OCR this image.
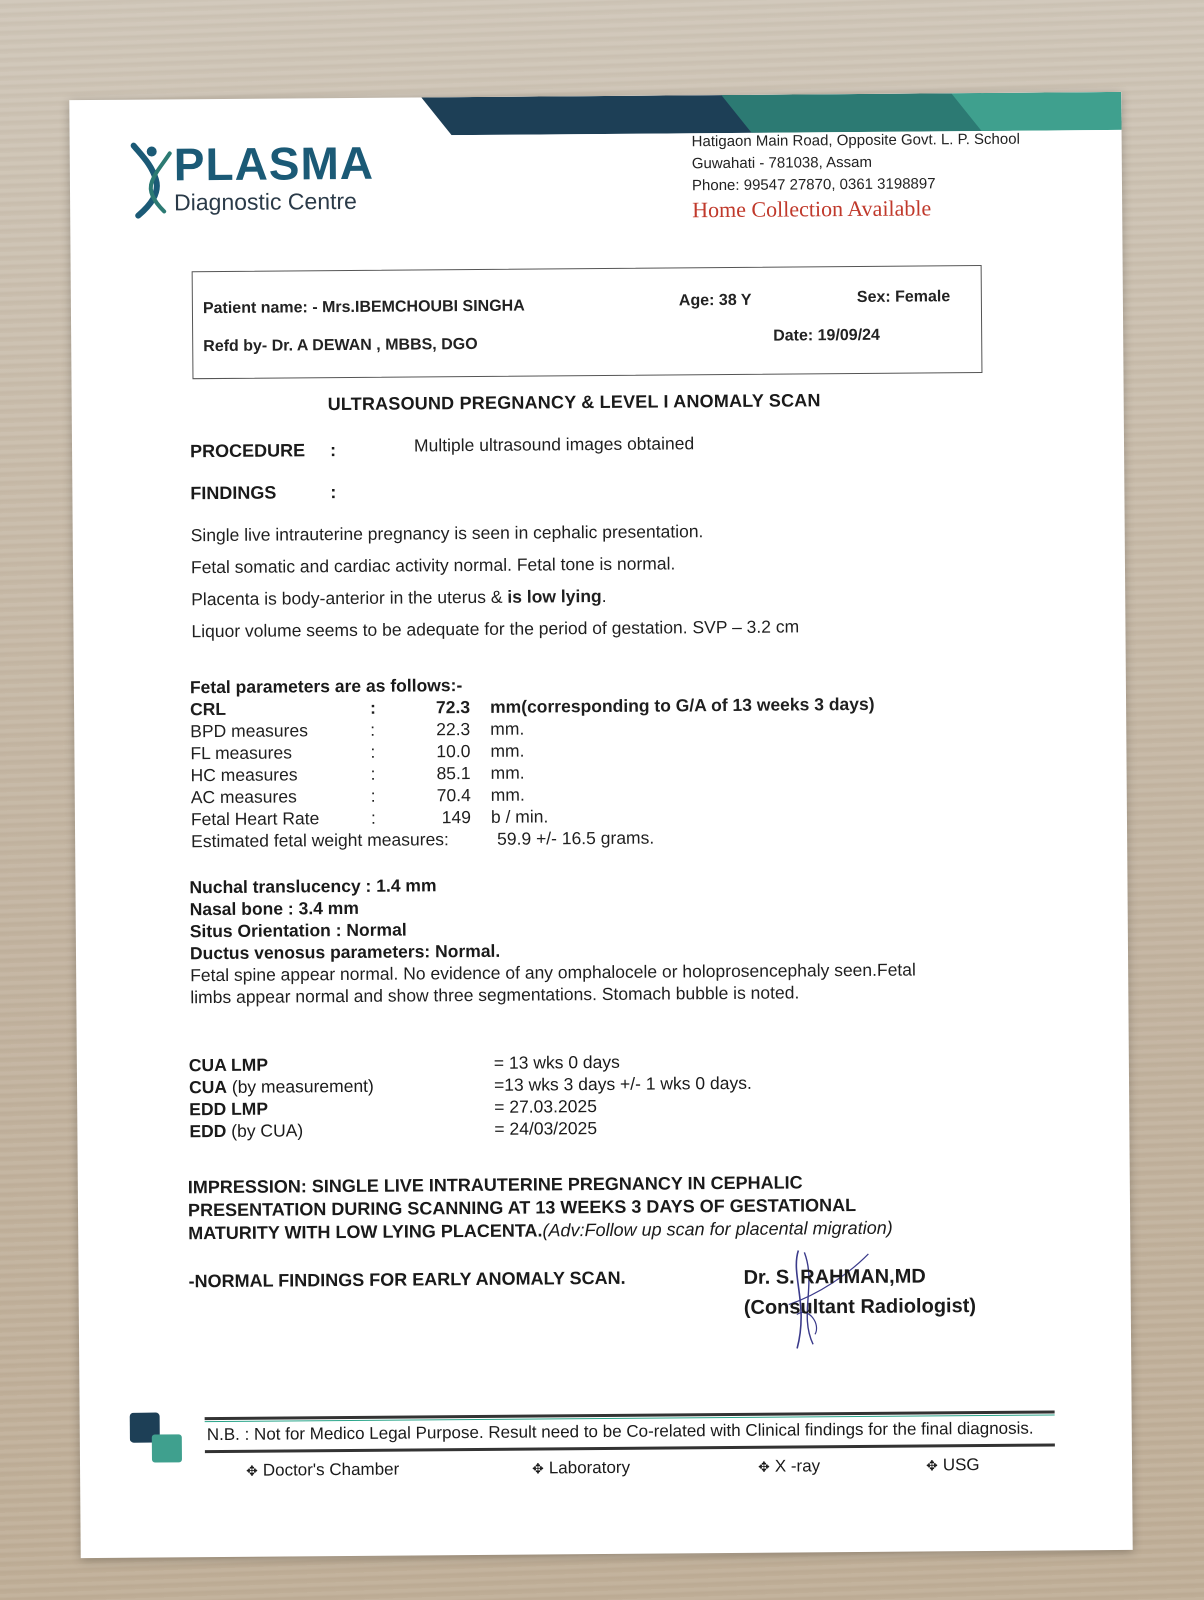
PLASMA
Diagnostic Centre
Hatigaon Main Road, Opposite Govt. L. P. School
Guwahati - 781038, Assam
Phone: 99547 27870, 0361 3198897
Home Collection Available
Patient name: - Mrs.IBEMCHOUBI SINGHA	Age: 38 Y	Sex: Female
Refd by- Dr. A DEWAN , MBBS, DGO
Date: 19/09/24
ULTRASOUND PREGNANCY & LEVEL I ANOMALY SCAN
PROCEDURE :	Multiple ultrasound images obtained
FINDINGS	:
Single live intrauterine pregnancy is seen in cephalic presentation.
Fetal somatic and cardiac activity normal. Fetal tone is normal.
Placenta is body-anterior in the uterus & is low lying.
Liquor volume seems to be adequate for the period of gestation. SVP – 3.2 cm
Fetal parameters are as follows:-
CRL	:	72.3 mm(corresponding to G/A of 13 weeks 3 days)
BPD measures	:	22.3 mm.
FL measures	:	10.0 mm.
HC measures	:	85.1 mm.
AC measures	:	70.4 mm.
Fetal Heart Rate	:	149 b / min.
Estimated fetal weight measures:	59.9 +/- 16.5 grams.
Nuchal translucency : 1.4 mm
Nasal bone : 3.4 mm
Situs Orientation : Normal
Ductus venosus parameters: Normal.
Fetal spine appear normal. No evidence of any omphalocele or holoprosencephaly seen.Fetal
limbs appear normal and show three segmentations. Stomach bubble is noted.
CUA LMP	= 13 wks 0 days
CUA (by measurement)	=13 wks 3 days +/- 1 wks 0 days.
EDD LMP	= 27.03.2025
EDD (by CUA)	= 24/03/2025
IMPRESSION: SINGLE LIVE INTRAUTERINE PREGNANCY IN CEPHALIC
PRESENTATION DURING SCANNING AT 13 WEEKS 3 DAYS OF GESTATIONAL
MATURITY WITH LOW LYING PLACENTA.(Adv:Follow up scan for placental migration)
-NORMAL FINDINGS FOR EARLY ANOMALY SCAN.	Dr. S. RAHMAN,MD
(Consultant Radiologist)
N.B. : Not for Medico Legal Purpose. Result need to be Co-related with Clinical findings for the final diagnosis.
✥ Doctor's Chamber	✥ Laboratory	✥ X -ray	✥ USG
